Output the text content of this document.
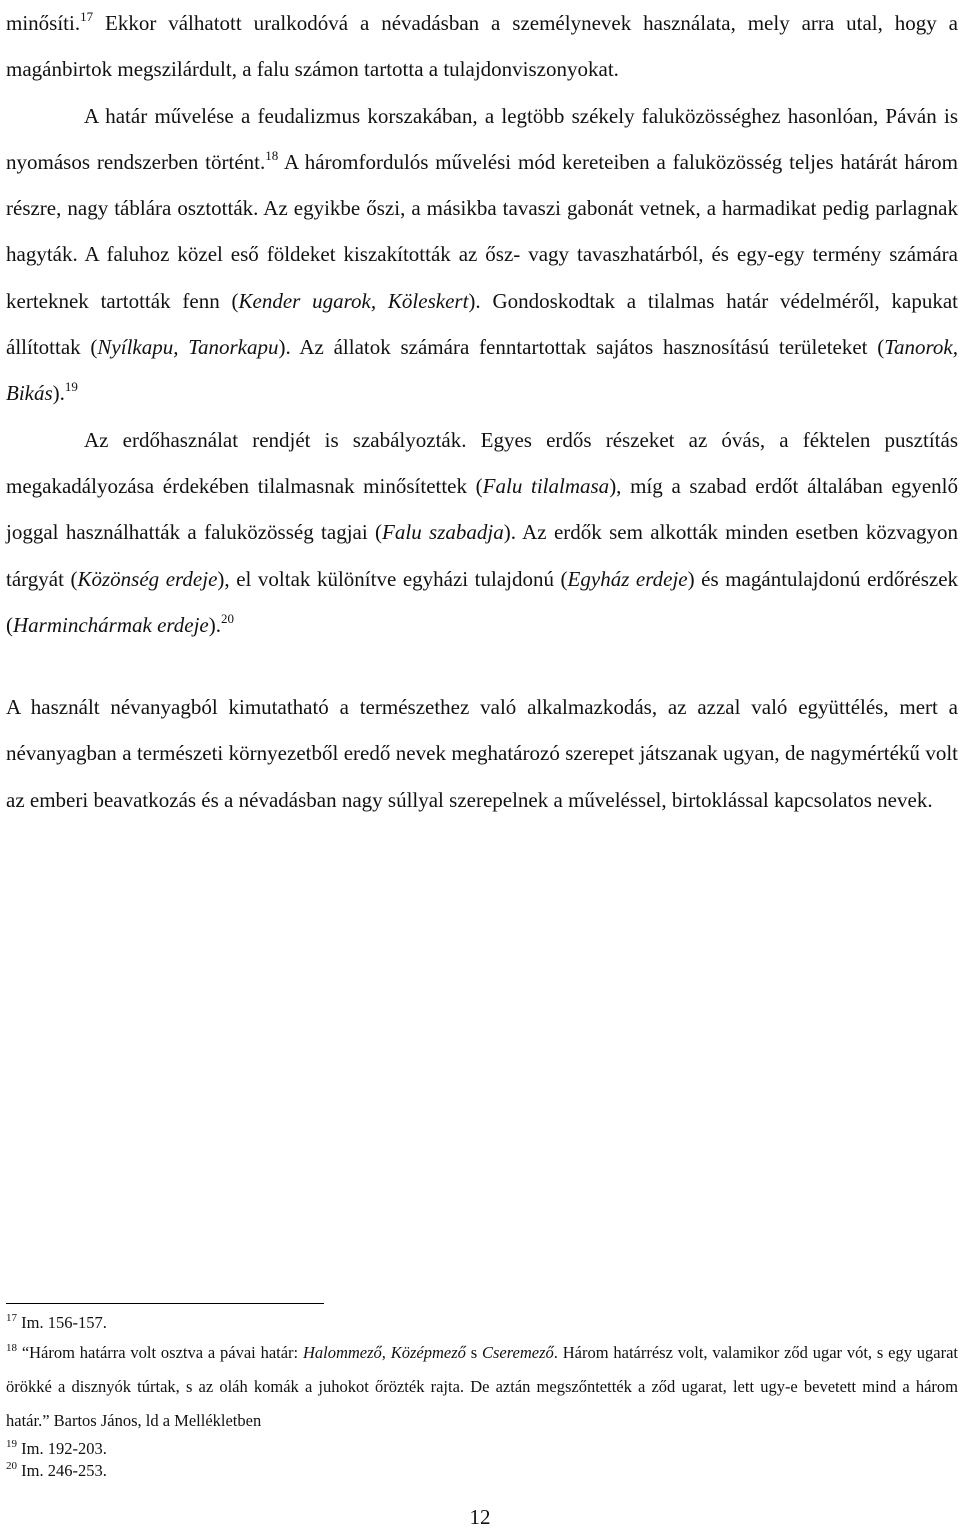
minősíti.$^{17}$ Ekkor válhatott uralkodóvá a névadásban a személynevek használata, mely arra utal, hogy a magánbirtok megszilárdult, a falu számon tartotta a tulajdonviszonyokat.

A határ művelése a feudalizmus korszakában, a legtöbb székely faluközösséghez hasonlóan, Páván is nyomásos rendszerben történt.$^{18}$ A háromfordulós művelési mód kereteiben a faluközösség teljes határát három részre, nagy táblára osztották. Az egyikbe őszi, a másikba tavaszi gabonát vetnek, a harmadikat pedig parlagnak hagyták. A faluhoz közel eső földeket kiszakították az ősz- vagy tavaszhatárból, és egy-egy termény számára kerteknek tartották fenn (Kender ugarok, Köleskert). Gondoskodtak a tilalmas határ védelméről, kapukat állítottak (Nyílkapu, Tanorkapu). Az állatok számára fenntartottak sajátos hasznosítású területeket (Tanorok, Bikás).$^{19}$

Az erdőhasználat rendjét is szabályozták. Egyes erdős részeket az óvás, a féktelen pusztítás megakadályozása érdekében tilalmasnak minősítettek (Falu tilalmasa), míg a szabad erdőt általában egyenlő joggal használhatták a faluközösség tagjai (Falu szabadja). Az erdők sem alkották minden esetben közvagyon tárgyát (Közönség erdeje), el voltak különítve egyházi tulajdonú (Egyház erdeje) és magántulajdonú erdőrészek (Harminchármak erdeje).$^{20}$

A használt névanyagból kimutatható a természethez való alkalmazkodás, az azzal való együttélés, mert a névanyagban a természeti környezetből eredő nevek meghatározó szerepet játszanak ugyan, de nagymértékű volt az emberi beavatkozás és a névadásban nagy súllyal szerepelnek a műveléssel, birtoklással kapcsolatos nevek.

$^{17}$ Im. 156-157.

$^{18}$ “Három határra volt osztva a pávai határ: Halommező, Középmező s Cseremező. Három határrész volt, valamikor ződ ugar vót, s egy ugarat örökké a disznyók túrtak, s az oláh komák a juhokot őrözték rajta. De aztán megszőntették a ződ ugarat, lett ugy-e bevetett mind a három határ.” Bartos János, ld a Mellékletben

$^{19}$ Im. 192-203.

$^{20}$ Im. 246-253.

12
